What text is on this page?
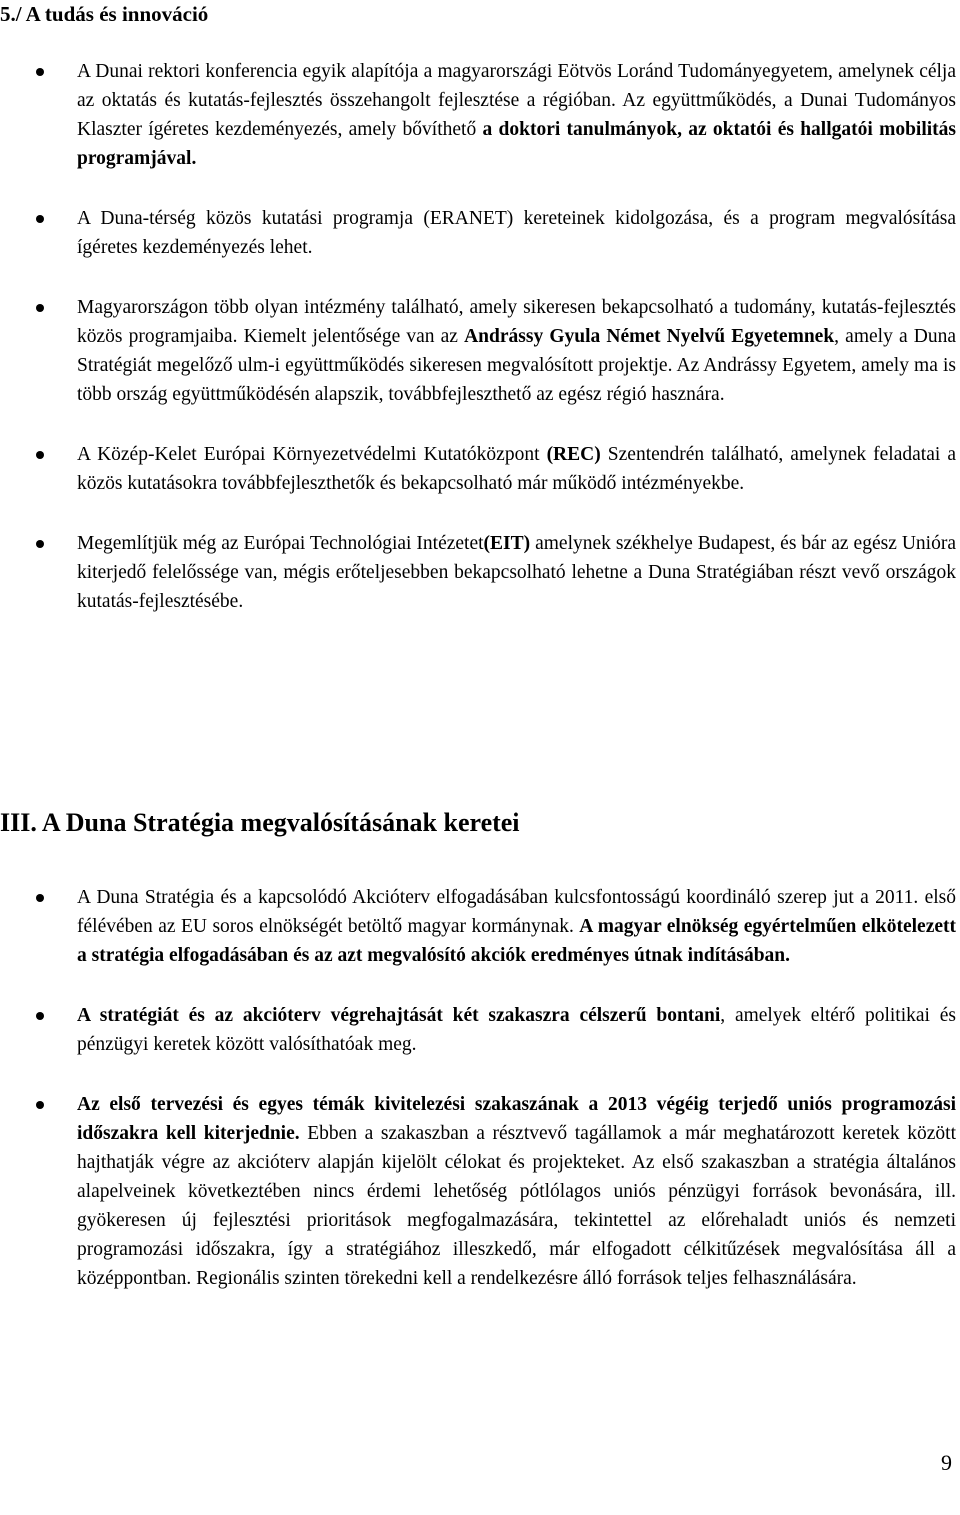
5./ A tudás és innováció
A Dunai rektori konferencia egyik alapítója a magyarországi Eötvös Loránd Tudományegyetem, amelynek célja az oktatás és kutatás-fejlesztés összehangolt fejlesztése a régióban. Az együttműködés, a Dunai Tudományos Klaszter ígéretes kezdeményezés, amely bővíthető a doktori tanulmányok, az oktatói és hallgatói mobilitás programjával.
A Duna-térség közös kutatási programja (ERANET) kereteinek kidolgozása, és a program megvalósítása ígéretes kezdeményezés lehet.
Magyarországon több olyan intézmény található, amely sikeresen bekapcsolható a tudomány, kutatás-fejlesztés közös programjaiba. Kiemelt jelentősége van az Andrássy Gyula Német Nyelvű Egyetemnek, amely a Duna Stratégiát megelőző ulm-i együttműködés sikeresen megvalósított projektje. Az Andrássy Egyetem, amely ma is több ország együttműködésén alapszik, továbbfejleszthető az egész régió hasznára.
A Közép-Kelet Európai Környezetvédelmi Kutatóközpont (REC) Szentendrén található, amelynek feladatai a közös kutatásokra továbbfejleszthetők és bekapcsolható már működő intézményekbe.
Megemlítjük még az Európai Technológiai Intézetet(EIT) amelynek székhelye Budapest, és bár az egész Unióra kiterjedő felelőssége van, mégis erőteljesebben bekapcsolható lehetne a Duna Stratégiában részt vevő országok kutatás-fejlesztésébe.
III. A Duna Stratégia megvalósításának keretei
A Duna Stratégia és a kapcsolódó Akcióterv elfogadásában kulcsfontosságú koordináló szerep jut a 2011. első félévében az EU soros elnökségét betöltő magyar kormánynak. A magyar elnökség egyértelműen elkötelezett a stratégia elfogadásában és az azt megvalósító akciók eredményes útnak indításában.
A stratégiát és az akcióterv végrehajtását két szakaszra célszerű bontani, amelyek eltérő politikai és pénzügyi keretek között valósíthatóak meg.
Az első tervezési és egyes témák kivitelezési szakaszának a 2013 végéig terjedő uniós programozási időszakra kell kiterjednie. Ebben a szakaszban a résztvevő tagállamok a már meghatározott keretek között hajthatják végre az akcióterv alapján kijelölt célokat és projekteket. Az első szakaszban a stratégia általános alapelveinek következtében nincs érdemi lehetőség pótlólagos uniós pénzügyi források bevonására, ill. gyökeresen új fejlesztési prioritások megfogalmazására, tekintettel az előrehaladt uniós és nemzeti programozási időszakra, így a stratégiához illeszkedő, már elfogadott célkitűzések megvalósítása áll a középpontban. Regionális szinten törekedni kell a rendelkezésre álló források teljes felhasználására.
9
